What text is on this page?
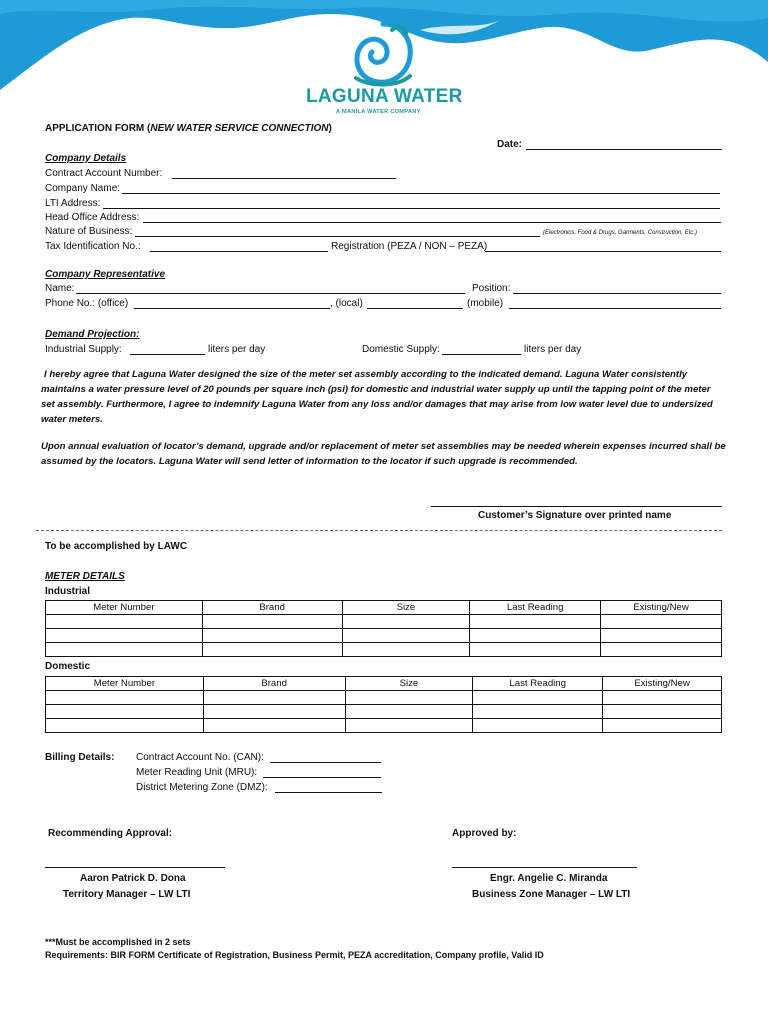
LAGUNA WATER
A MANILA WATER COMPANY
APPLICATION FORM (NEW WATER SERVICE CONNECTION)
Date:
Company Details
Contract Account Number:
Company Name:
LTI Address:
Head Office Address:
Nature of Business:	(Electronics, Food & Drugs, Garments, Construction, Etc.)
Tax Identification No.:	Registration (PEZA / NON – PEZA)
Company Representative
Name:	Position:
Phone No.: (office)	, (local)	(mobile)
Demand Projection:
Industrial Supply:	liters per day	Domestic Supply:	liters per day
I hereby agree that Laguna Water designed the size of the meter set assembly according to the indicated demand. Laguna Water consistently maintains a water pressure level of 20 pounds per square inch (psi) for domestic and industrial water supply up until the tapping point of the meter set assembly. Furthermore, I agree to indemnify Laguna Water from any loss and/or damages that may arise from low water level due to undersized water meters.
Upon annual evaluation of locator’s demand, upgrade and/or replacement of meter set assemblies may be needed wherein expenses incurred shall be assumed by the locators. Laguna Water will send letter of information to the locator if such upgrade is recommended.
Customer’s Signature over printed name
To be accomplished by LAWC
METER DETAILS
Industrial
Meter Number	Brand	Size	Last Reading	Existing/New

Domestic
Meter Number	Brand	Size	Last Reading	Existing/New

Billing Details: Contract Account No. (CAN):
Meter Reading Unit (MRU):
District Metering Zone (DMZ):
Recommending Approval:	Approved by:
Aaron Patrick D. Dona
Territory Manager – LW LTI
Engr. Angelie C. Miranda
Business Zone Manager – LW LTI
***Must be accomplished in 2 sets
Requirements: BIR FORM Certificate of Registration, Business Permit, PEZA accreditation, Company profile, Valid ID
